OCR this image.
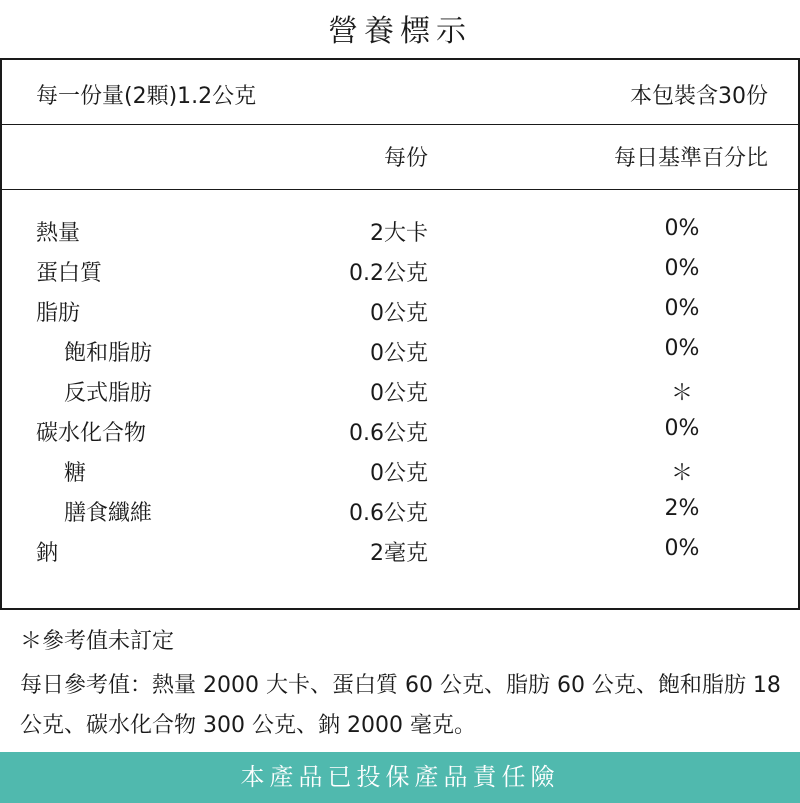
營養標示
每一份量(2顆)1.2公克	本包裝含30份
每份	每日基準百分比
熱量	2大卡	0%
蛋白質	0.2公克	0%
脂肪	0公克	0%
飽和脂肪	0公克	0%
反式脂肪	0公克	＊
碳水化合物	0.6公克	0%
糖	0公克	＊
膳食纖維	0.6公克	2%
鈉	2毫克	0%
＊參考值未訂定
每日參考值：熱量 2000 大卡、蛋白質 60 公克、脂肪 60 公克、飽和脂肪 18 公克、碳水化合物 300 公克、鈉 2000 毫克。
本產品已投保產品責任險
